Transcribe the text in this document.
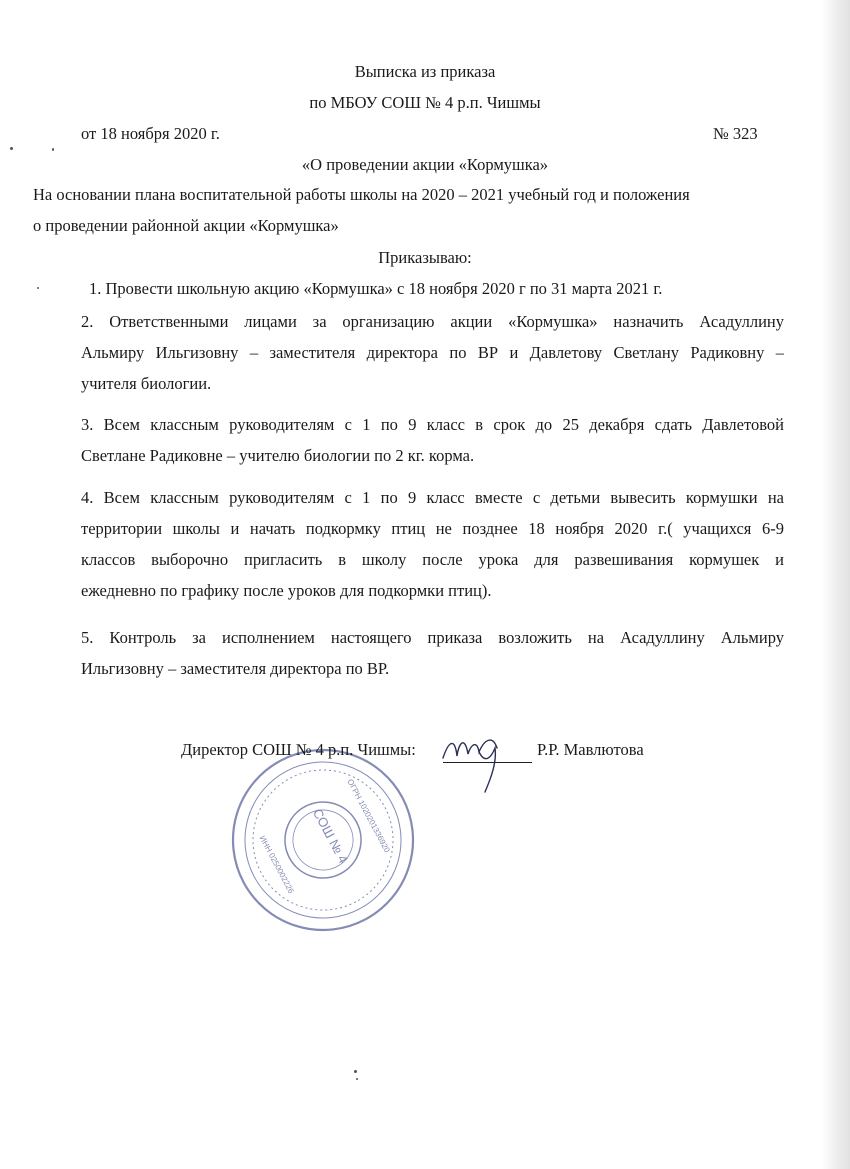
Выписка из приказа
по МБОУ СОШ № 4 р.п. Чишмы
от 18 ноября 2020 г.	№ 323
«О проведении акции «Кормушка»
На основании плана воспитательной работы школы на 2020 – 2021 учебный год и положения
о проведении районной акции «Кормушка»
Приказываю:
1. Провести школьную акцию «Кормушка» с 18 ноября 2020 г по 31 марта 2021 г.
2. Ответственными лицами за организацию акции «Кормушка» назначить Асадуллину
Альмиру Ильгизовну – заместителя директора по ВР и Давлетову Светлану Радиковну –
учителя биологии.
3. Всем классным руководителям с 1 по 9 класс в срок до 25 декабря сдать Давлетовой
Светлане Радиковне – учителю биологии по 2 кг. корма.
4. Всем классным руководителям с 1 по 9 класс вместе с детьми вывесить кормушки на
территории школы и начать подкормку птиц не позднее 18 ноября 2020 г.( учащихся 6-9
классов выборочно пригласить в школу после урока для развешивания кормушек и
ежедневно по графику после уроков для подкормки птиц).
5. Контроль за исполнением настоящего приказа возложить на Асадуллину Альмиру
Ильгизовну – заместителя директора по ВР.
СОШ № 4
ОГРН 1020201336920
ИНН 0250002226
Директор СОШ № 4 р.п. Чишмы:	Р.Р. Мавлютова
